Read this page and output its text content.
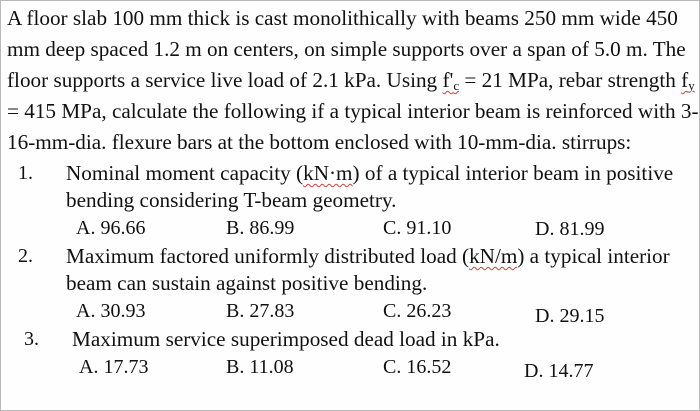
A floor slab 100 mm thick is cast monolithically with beams 250 mm wide 450
mm deep spaced 1.2 m on centers, on simple supports over a span of 5.0 m. The
floor supports a service live load of 2.1 kPa. Using $f'_c = 21$ MPa, rebar strength $f_y$
= 415 MPa, calculate the following if a typical interior beam is reinforced with 3-
16-mm-dia. flexure bars at the bottom enclosed with 10-mm-dia. stirrups:
1. Nominal moment capacity (kN·m) of a typical interior beam in positive
bending considering T-beam geometry.
A. 96.66	B. 86.99	C. 91.10	D. 81.99
2. Maximum factored uniformly distributed load (kN/m) a typical interior
beam can sustain against positive bending.
A. 30.93	B. 27.83	C. 26.23	D. 29.15
3. Maximum service superimposed dead load in kPa.
A. 17.73	B. 11.08	C. 16.52	D. 14.77
